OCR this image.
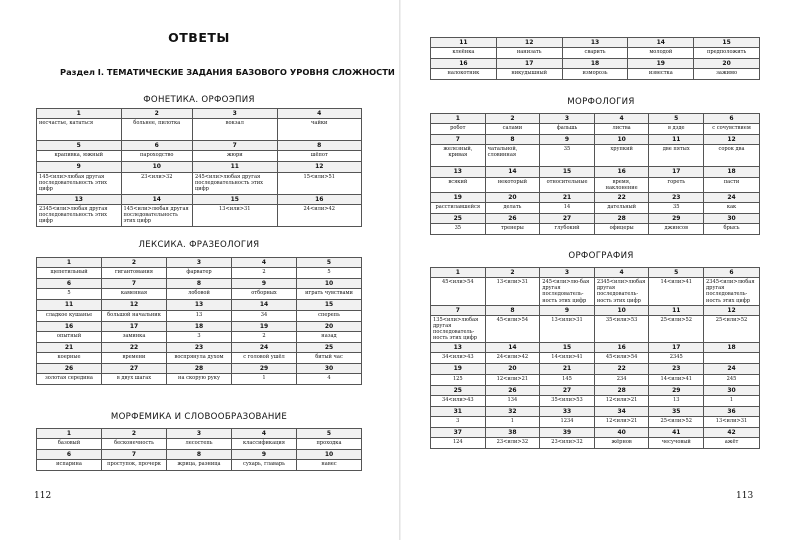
ОТВЕТЫ
Раздел I. ТЕМАТИЧЕСКИЕ ЗАДАНИЯ БАЗОВОГО УРОВНЯ СЛОЖНОСТИ
ФОНЕТИКА. ОРФОЭПИЯ
1	2	3	4
несчастье, кататься	больнее, пилотка	вокзал	чайки
5	6	7	8
крапивка, южный	пароходство	жюри	шёпот
9	10	11	12
145<или>любая другая последовательность этих цифр	23<или>32	245<или>любая другая последовательность этих цифр	15<или>51
13	14	15	16
2345<или>любая другая последовательность этих цифр	145<или>любая другая последовательность этих цифр	13<или>31	24<или>42
ЛЕКСИКА. ФРАЗЕОЛОГИЯ
1	2	3	4	5
щепетильный	гигантомания	фарватер	2	5
6	7	8	9	10
5	каменная	лобовой	отборных	играть чувствами
11	12	13	14	15
сладкое кушанье	большой начальник	13	34	сперепь
16	17	18	19	20
опытный	заминка	3	2	назад
21	22	23	24	25
коерные	времени	воспрянула духом	с головой ушёл	битый час
26	27	28	29	30
золотая середина	в двух шагах	на скорую руку	1	4
МОРФЕМИКА И СЛОВООБРАЗОВАНИЕ
1	2	3	4	5
базовый	бесконечность	лесостепь	классификация	проходка
6	7	8	9	10
испарина	проступок, прочерк	жрица, раэница	сухарь, главарь	навес
112
11	12	13	14	15
клеёнка	нанизать	сварить	молодой	предположить
16	17	18	19	20
налокотник	никудышный	изморозь	известка	зажимо
МОРФОЛОГИЯ
1	2	3	4	5	6
робот	салами	фальшь	листва	в дзде	с сочувствием
7	8	9	10	11	12
железный, кривая	чатальной, словинная	35	хрупкий	две пятых	сорок два
13	14	15	16	17	18
всякий	некоторый	относительные	время, наклонение	гореть	пасти
19	20	21	22	23	24
расстилавшейся	делать	14	дательный	35	как
25	26	27	28	29	30
35	тренеры	глубокий	офицеры	джинсов	брысь
ОРФОГРАФИЯ
1	2	3	4	5	6
45<или>54	13<или>31	245<или>лю-бая другая последователь-ность этих цифр	2345<или>любая другая последователь-ность этих цифр	14<или>41	2345<или>любая другая последователь-ность этих цифр
7	8	9	10	11	12
135<или>любая другая последователь-ность этих цифр	45<или>54	13<или>31	35<или>53	25<или>52	25<или>52
13	14	15	16	17	18
34<или>43	24<или>42	14<или>41	45<или>54	2345	
19	20	21	22	23	24
125	12<или>21	145	234	14<или>41	245
25	26	27	28	29	30
34<или>43	134	35<или>53	12<или>21	13	1
31	32	33	34	35	36
3	1	1234	12<или>21	25<или>52	13<или>31
37	38	39	40	41	42
124	23<или>32	23<или>32	жёрнов	чесучовый	ажёт
113
